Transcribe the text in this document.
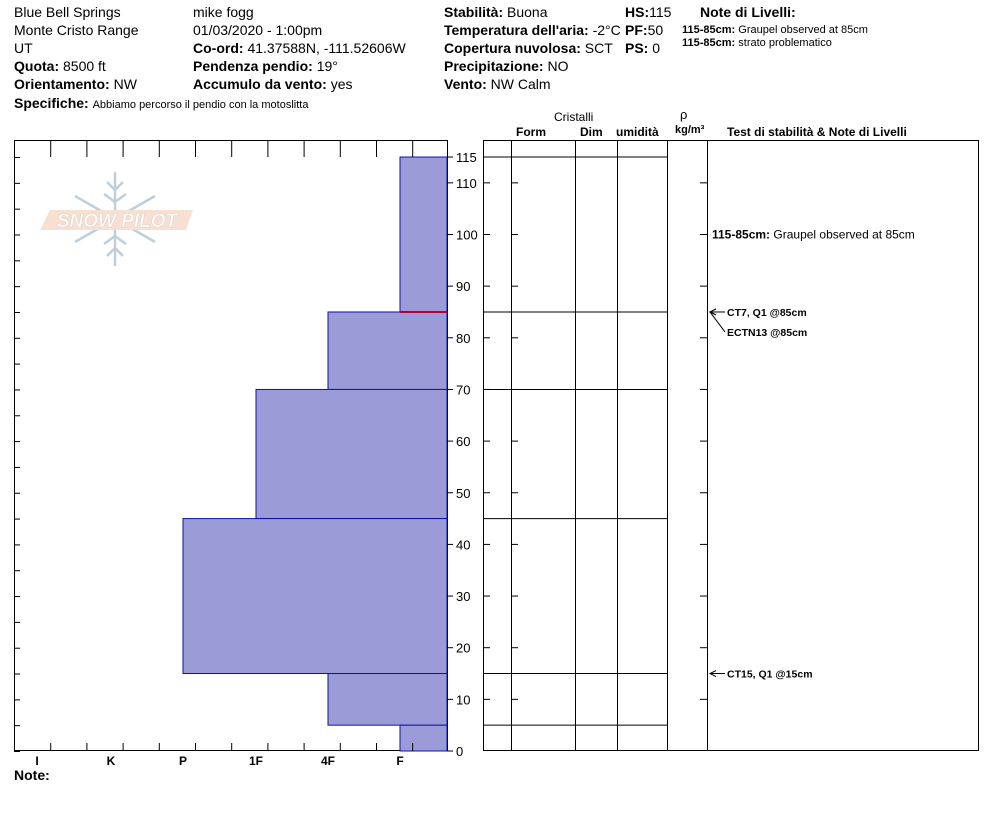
Blue Bell Springs
Monte Cristo Range
UT
Quota: 8500 ft
Orientamento: NW
Specifiche: Abbiamo percorso il pendio con la motoslitta
mike fogg
01/03/2020 - 1:00pm
Co-ord: 41.37588N, -111.52606W
Pendenza pendio: 19°
Accumulo da vento: yes
Stabilità: Buona
Temperatura dell'aria: -2°C
Copertura nuvolosa: SCT
Precipitazione: NO
Vento: NW Calm
HS:115
PF:50
PS: 0
Note di Livelli:
115-85cm: Graupel observed at 85cm
115-85cm: strato problematico
Cristalli
Form	Dim umidità
ρ
kg/m³ Test di stabilità & Note di Livelli
Note:
SNOW PILOT
0
10
20
30
40
50
60
70
80
90
100
110
115
I	K	P	1F	4F	F
CT7, Q1 @85cm
ECTN13 @85cm
CT15, Q1 @15cm
115-85cm: Graupel observed at 85cm
